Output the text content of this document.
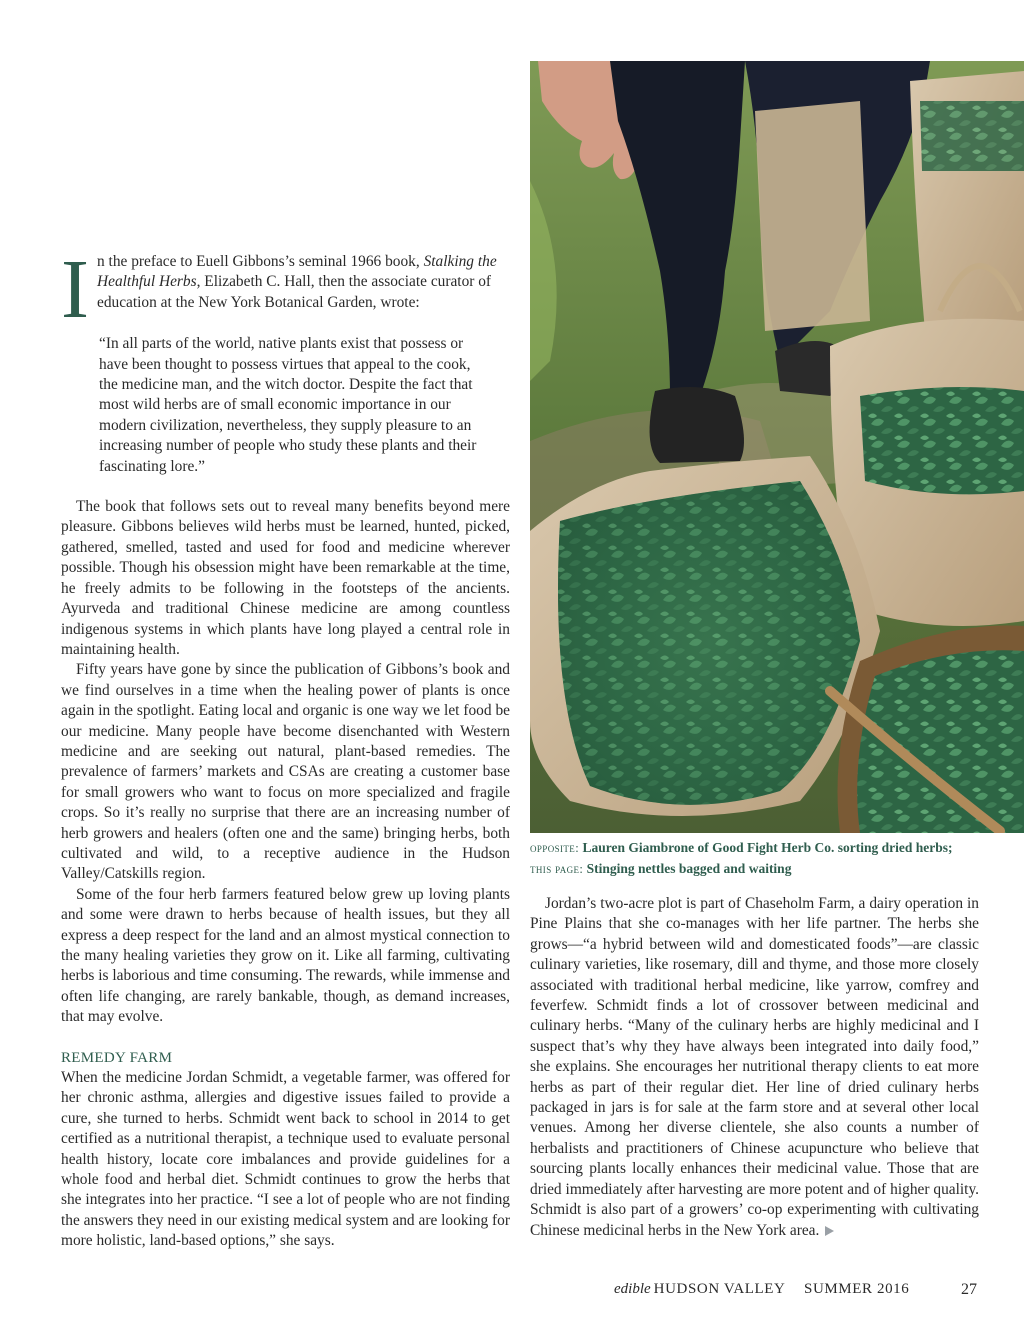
I n the preface to Euell Gibbons’s seminal 1966 book, Stalking the Healthful Herbs, Elizabeth C. Hall, then the associate curator of education at the New York Botanical Garden, wrote:

“In all parts of the world, native plants exist that possess or have been thought to possess virtues that appeal to the cook, the medicine man, and the witch doctor. Despite the fact that most wild herbs are of small economic importance in our modern civilization, nevertheless, they supply pleasure to an increasing number of people who study these plants and their fascinating lore.”

The book that follows sets out to reveal many benefits beyond mere pleasure. Gibbons believes wild herbs must be learned, hunted, picked, gathered, smelled, tasted and used for food and medicine wherever possible. Though his obsession might have been remarkable at the time, he freely admits to be following in the footsteps of the ancients. Ayurveda and traditional Chinese medicine are among countless indigenous systems in which plants have long played a central role in maintaining health.

Fifty years have gone by since the publication of Gibbons’s book and we find ourselves in a time when the healing power of plants is once again in the spotlight. Eating local and organic is one way we let food be our medicine. Many people have become disenchanted with Western medicine and are seeking out natural, plant-based remedies. The prevalence of farmers’ markets and CSAs are creating a customer base for small growers who want to focus on more specialized and fragile crops. So it’s really no surprise that there are an increasing number of herb growers and healers (often one and the same) bringing herbs, both cultivated and wild, to a receptive audience in the Hudson Valley/Catskills region.

Some of the four herb farmers featured below grew up loving plants and some were drawn to herbs because of health issues, but they all express a deep respect for the land and an almost mystical connection to the many healing varieties they grow on it. Like all farming, cultivating herbs is laborious and time consuming. The rewards, while immense and often life changing, are rarely bankable, though, as demand increases, that may evolve.

REMEDY FARM

When the medicine Jordan Schmidt, a vegetable farmer, was offered for her chronic asthma, allergies and digestive issues failed to provide a cure, she turned to herbs. Schmidt went back to school in 2014 to get certified as a nutritional therapist, a technique used to evaluate personal health history, locate core imbalances and provide guidelines for a whole food and herbal diet. Schmidt continues to grow the herbs that she integrates into her practice. “I see a lot of people who are not finding the answers they need in our existing medical system and are looking for more holistic, land-based options,” she says.

opposite: Lauren Giambrone of Good Fight Herb Co. sorting dried herbs;
this page: Stinging nettles bagged and waiting

Jordan’s two-acre plot is part of Chaseholm Farm, a dairy operation in Pine Plains that she co-manages with her life partner. The herbs she grows—“a hybrid between wild and domesticated foods”—are classic culinary varieties, like rosemary, dill and thyme, and those more closely associated with traditional herbal medicine, like yarrow, comfrey and feverfew. Schmidt finds a lot of crossover between medicinal and culinary herbs. “Many of the culinary herbs are highly medicinal and I suspect that’s why they have always been integrated into daily food,” she explains. She encourages her nutritional therapy clients to eat more herbs as part of their regular diet. Her line of dried culinary herbs packaged in jars is for sale at the farm store and at several other local venues. Among her diverse clientele, she also counts a number of herbalists and practitioners of Chinese acupuncture who believe that sourcing plants locally enhances their medicinal value. Those that are dried immediately after harvesting are more potent and of higher quality. Schmidt is also part of a growers’ co-op experimenting with cultivating Chinese medicinal herbs in the New York area.

edible HUDSON VALLEY SUMMER 2016	27
